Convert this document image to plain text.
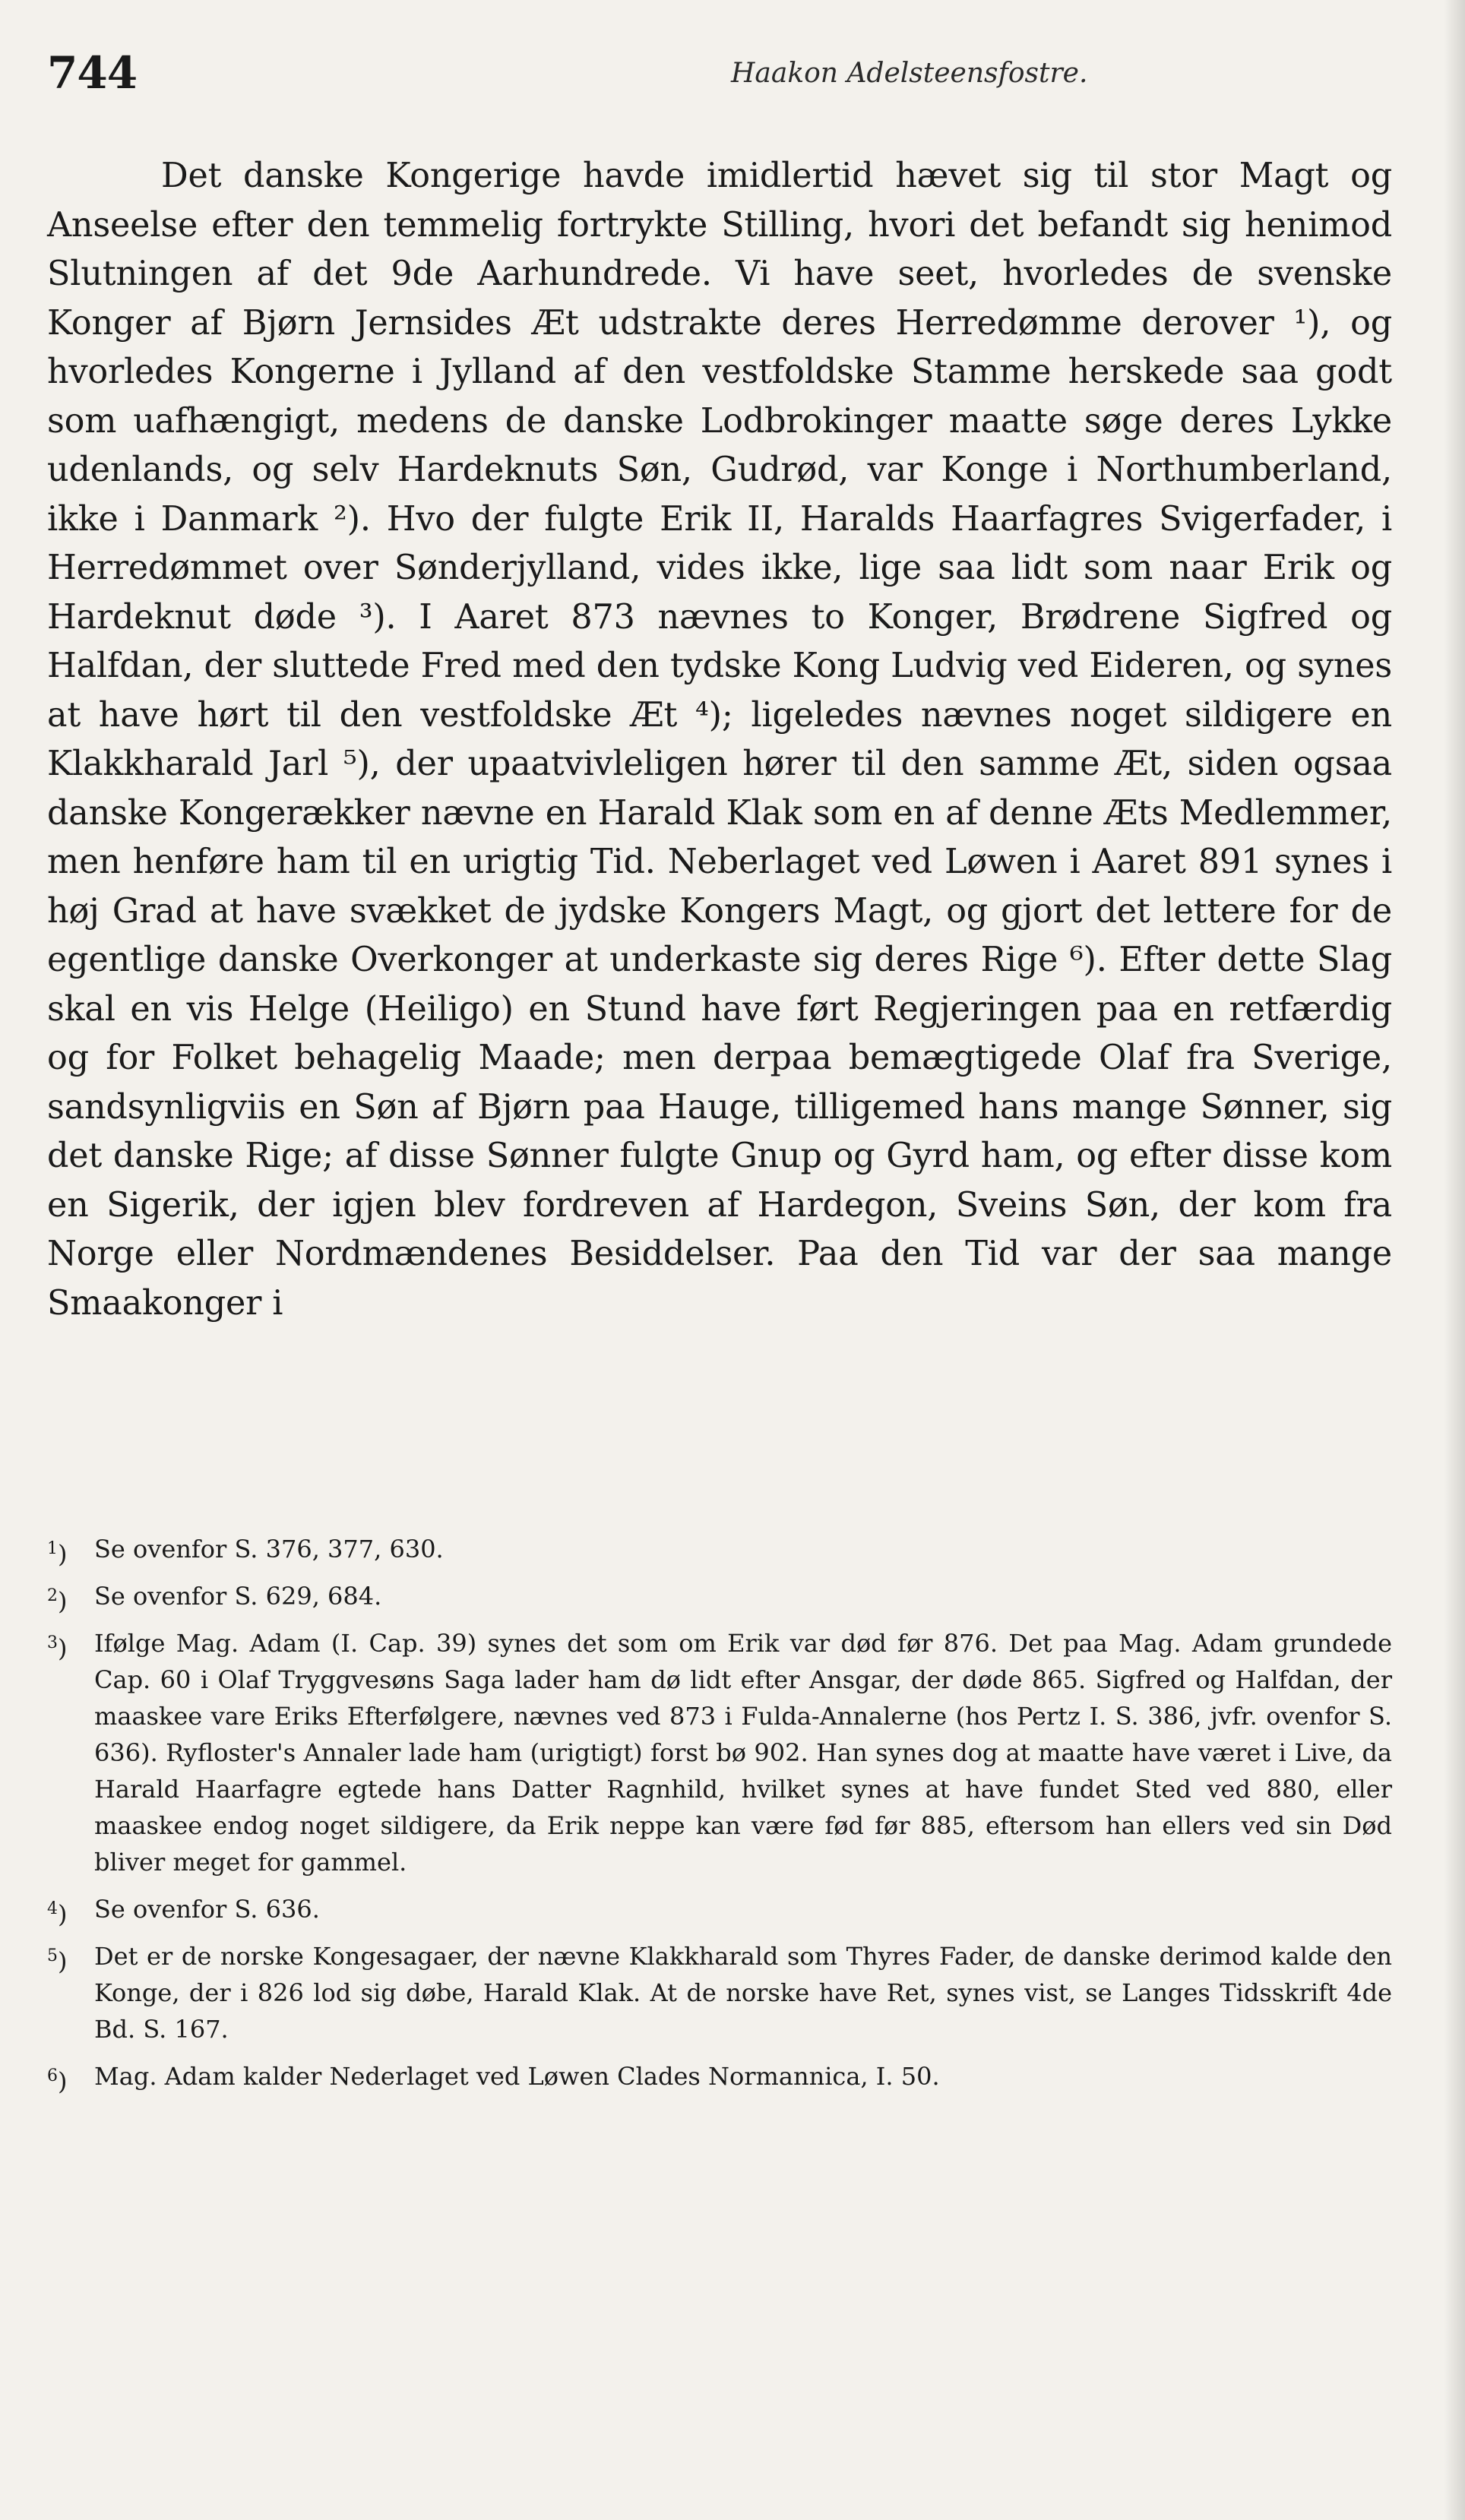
744	Haakon Adelsteensfostre.

Det danske Kongerige havde imidlertid hævet sig til stor Magt og Anseelse efter den temmelig fortrykte Stilling, hvori det befandt sig henimod Slutningen af det 9de Aarhundrede. Vi have seet, hvorledes de svenske Konger af Bjørn Jernsides Æt udstrakte deres Herredømme derover ¹), og hvorledes Kongerne i Jylland af den vestfoldske Stamme herskede saa godt som uafhængigt, medens de danske Lodbrokinger maatte søge deres Lykke udenlands, og selv Hardeknuts Søn, Gudrød, var Konge i Northumberland, ikke i Danmark ²). Hvo der fulgte Erik II, Haralds Haarfagres Svigerfader, i Herredømmet over Sønderjylland, vides ikke, lige saa lidt som naar Erik og Hardeknut døde ³). I Aaret 873 nævnes to Konger, Brødrene Sigfred og Halfdan, der sluttede Fred med den tydske Kong Ludvig ved Eideren, og synes at have hørt til den vestfoldske Æt ⁴); ligeledes nævnes noget sildigere en Klakkharald Jarl ⁵), der upaatvivleligen hører til den samme Æt, siden ogsaa danske Kongerækker nævne en Harald Klak som en af denne Æts Medlemmer, men henføre ham til en urigtig Tid. Neberlaget ved Løwen i Aaret 891 synes i høj Grad at have svækket de jydske Kongers Magt, og gjort det lettere for de egentlige danske Overkonger at underkaste sig deres Rige ⁶). Efter dette Slag skal en vis Helge (Heiligo) en Stund have ført Regjeringen paa en retfærdig og for Folket behagelig Maade; men derpaa bemægtigede Olaf fra Sverige, sandsynligviis en Søn af Bjørn paa Hauge, tilligemed hans mange Sønner, sig det danske Rige; af disse Sønner fulgte Gnup og Gyrd ham, og efter disse kom en Sigerik, der igjen blev fordreven af Hardegon, Sveins Søn, der kom fra Norge eller Nordmændenes Besiddelser. Paa den Tid var der saa mange Smaakonger i

$^1$) Se ovenfor S. 376, 377, 630.
$^2$) Se ovenfor S. 629, 684.
$^3$) Ifølge Mag. Adam (I. Cap. 39) synes det som om Erik var død før 876. Det paa Mag. Adam grundede Cap. 60 i Olaf Tryggvesøns Saga lader ham dø lidt efter Ansgar, der døde 865. Sigfred og Halfdan, der maaskee vare Eriks Efterfølgere, nævnes ved 873 i Fulda-Annalerne (hos Pertz I. S. 386, jvfr. ovenfor S. 636). Ryfloster's Annaler lade ham (urigtigt) forst bø 902. Han synes dog at maatte have været i Live, da Harald Haarfagre egtede hans Datter Ragnhild, hvilket synes at have fundet Sted ved 880, eller maaskee endog noget sildigere, da Erik neppe kan være fød før 885, eftersom han ellers ved sin Død bliver meget for gammel.
$^4$) Se ovenfor S. 636.
$^5$) Det er de norske Kongesagaer, der nævne Klakkharald som Thyres Fader, de danske derimod kalde den Konge, der i 826 lod sig døbe, Harald Klak. At de norske have Ret, synes vist, se Langes Tidsskrift 4de Bd. S. 167.
$^6$) Mag. Adam kalder Nederlaget ved Løwen Clades Normannica, I. 50.
